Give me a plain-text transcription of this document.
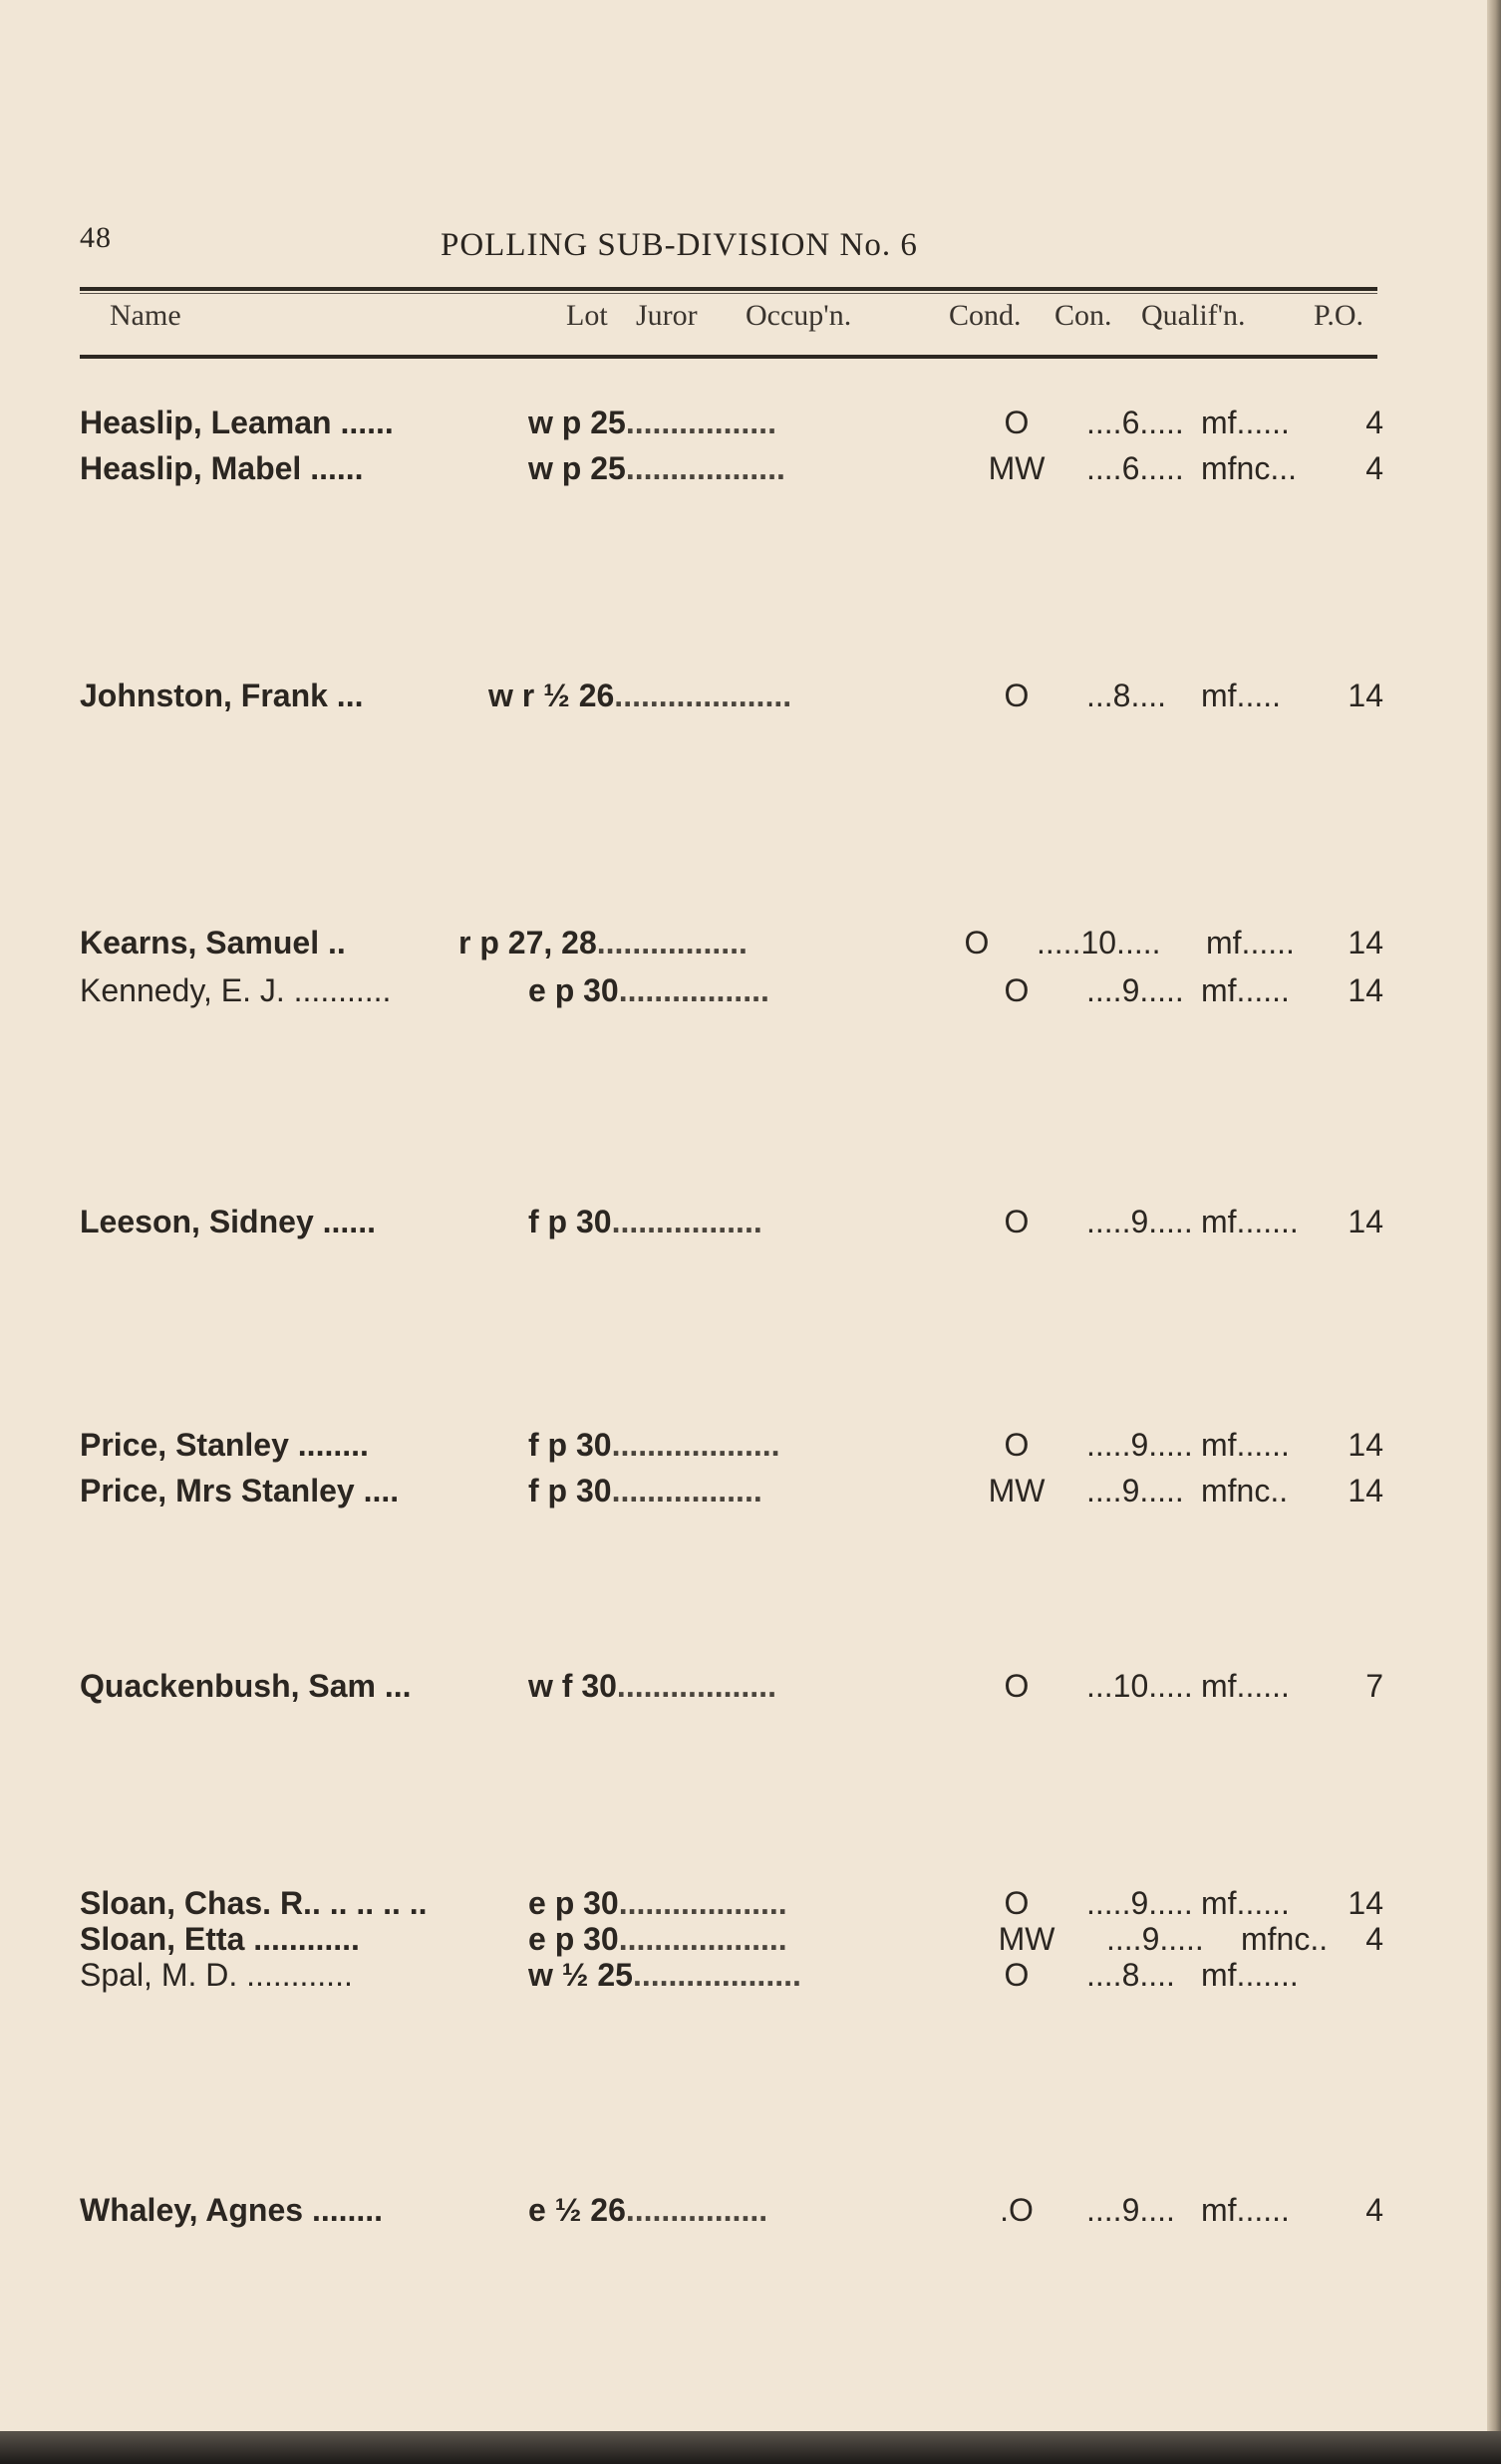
48	POLLING SUB-DIVISION No. 6
Name	Lot Juror Occup'n.	Cond. Con. Qualif'n. P.O.
Heaslip, Leaman ......	w p 25.................	O	....6..... mf......	4
Heaslip, Mabel ......	w p 25..................	MW	....6..... mfnc...	4
Johnston, Frank ...	w r ½ 26....................	O	...8....	mf.....	14
Kearns, Samuel ..	r p 27, 28.................	O	.....10..... mf......	14
Kennedy, E. J. ...........	e p 30.................	O	....9..... mf......	14
Leeson, Sidney ......	f p 30.................	O	.....9..... mf.......	14
Price, Stanley ........	f p 30...................	O	.....9..... mf......	14
Price, Mrs Stanley ....	f p 30.................	MW	....9..... mfnc..	14
Quackenbush, Sam ...	w f 30..................	O	...10..... mf......	7
Sloan, Chas. R.. .. .. .. ..	e p 30...................	O	.....9..... mf......	14
Sloan, Etta ............	e p 30...................	MW	....9..... mfnc..	4
Spal, M. D. ............	w ½ 25...................	O	....8.... mf.......
Whaley, Agnes ........	e ½ 26................	.O	....9.... mf......	4
